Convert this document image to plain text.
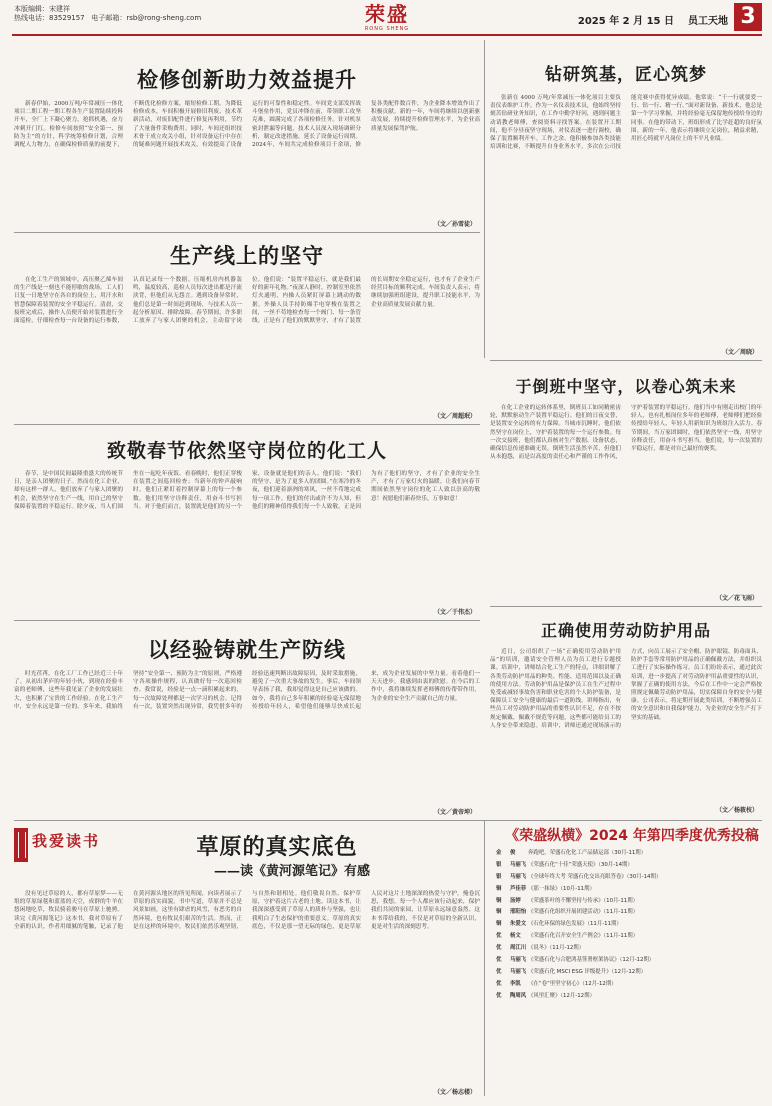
本版编辑：宋建祥
热线电话：83529157 电子邮箱：rsb@rong-sheng.com	荣盛
RONG SHENG
2025 年 2 月 15 日 员工天地 3
检修创新助力效益提升
新春伊始，2000万吨/年常减压一体化项目二期工程一期工程各生产装置陆续投料开车，全厂上下凝心聚力，抢抓机遇，奋力冲刺开门红。检修车间按照“安全第一、预防为主”的方针，科学统筹检修计划，合理调配人力物力，在确保检修质量的前提下，不断优化检修方案，缩短检修工期。为降低检修成本，车间积极开展修旧利废、技术革新活动，对废旧配件进行修复再利用，节约了大量备件采购费用。同时，车间还组织技术骨干成立攻关小组，针对设备运行中存在的疑难问题开展技术攻关，有效提高了设备运行的可靠性和稳定性。车间党支部发挥战斗堡垒作用，党员冲锋在前，带领职工攻坚克难，圆满完成了各项检修任务。针对机泵密封泄漏等问题，技术人员深入现场调研分析，制定改进措施，延长了设备运行周期。2024年，车间共完成检修项目千余项，修复各类配件数百件，为企业降本增效作出了积极贡献。新的一年，车间将继续以创新驱动发展，持续提升检修管理水平，为企业高质量发展保驾护航。
（文／孙雪徒）
钻研筑基，匠心筑梦
张新在 4000 万吨/年常减压一体化项目主要负责仪表维护工作。作为一名仪表技术员，他始终坚持刻苦钻研业务知识，在工作中勤学好问，遇到问题主动请教老师傅，查阅资料寻找答案。在装置开工期间，他不分昼夜坚守现场，对仪表逐一进行调校，确保了装置顺利开车。工作之余，他积极参加各类技能培训和比赛，不断提升自身业务水平，多次在公司技能竞赛中获得优异成绩。他常说：“干一行就要爱一行、钻一行、精一行。”面对新设备、新技术，他总是第一个学习掌握，并将经验毫无保留地传授给身边的同事。在他的带动下，班组形成了比学赶超的良好氛围。新的一年，他表示将继续立足岗位，精益求精，用匠心铸就平凡岗位上的不平凡业绩。
（文／周晓）
生产线上的坚守
在化工生产的领域中，高压聚乙烯车间的生产线是一刻也不能停歇的战场。工人们日复一日地坚守在各自的岗位上，用汗水和智慧保障着装置的安全平稳运行。清晨，交接班完成后，操作人员便开始对装置进行全面巡检，仔细检查每一台设备的运行参数，认真记录每一个数据。压缩机房内机器轰鸣，温度较高，巡检人员每次进出都是汗流浃背，但他们从无怨言。遇到设备异常时，他们总是第一时间赶到现场，与技术人员一起分析原因、排除故障。春节期间，许多职工放弃了与家人团聚的机会，主动留守岗位。他们说：“装置平稳运行，就是我们最好的新年礼物。”夜深人静时，控制室里依然灯火通明，内操人员紧盯屏幕上跳动的数据，外操人员手持防爆手电穿梭在装置之间，一丝不苟地检查每一个阀门、每一条管线。正是有了他们的默默坚守，才有了装置的长周期安全稳定运行，也才有了企业生产经营目标的顺利完成。车间负责人表示，将继续加强班组建设，提升职工技能水平，为企业高质量发展贡献力量。
（文／周超珉）
于倒班中坚守，以卷心筑未来
在化工企业的运转体系里，倒班员工如同精密齿轮，默默驱动生产装置平稳运行。他们的日夜交替，是装置安全运转的有力保障。当城市沉睡时，他们依然坚守在岗位上，守护着装置的每一个运行参数。每一次交接班，他们都认真核对生产数据、设备状态，确保信息传递准确无误。倒班生活虽然辛苦，但他们从未抱怨，而是以高度的责任心和严谨的工作作风，守护着装置的平稳运行。他们当中有刚走出校门的年轻人，也有扎根岗位多年的老师傅，老师傅们把经验传授给年轻人，年轻人用新知识为班组注入活力。春节期间，当万家团圆时，他们依然坚守一线，用坚守诠释责任，用奋斗书写担当。他们说，每一次装置的平稳运行，都是对自己最好的褒奖。
（文／花飞雨）
致敬春节依然坚守岗位的化工人
春节，是中国民间最隆重盛大的传统节日，是亲人团聚的日子。然而在化工企业，却有这样一群人，他们放弃了与家人团聚的机会，依然坚守在生产一线，用自己的坚守保障着装置的平稳运行。除夕夜，当人们围坐在一起吃年夜饭、看春晚时，他们正穿梭在装置之间巡回检查；当新年的钟声敲响时，他们正紧盯着控制屏幕上的每一个参数。他们用坚守诠释责任，用奋斗书写担当。对于他们而言，装置就是他们的另一个家，设备就是他们的亲人。他们说：“我们的坚守，是为了更多人的团圆。”在寒冷的冬夜，他们迎着凛冽的寒风，一丝不苟地完成每一项工作。他们的付出或许不为人知，但他们的精神值得我们每一个人致敬。正是因为有了他们的坚守，才有了企业的安全生产，才有了万家灯火的温暖。让我们向春节期间依然坚守岗位的化工人致以崇高的敬意！祝愿他们新春快乐，万事如意！
（文／于伟杰）
正确使用劳动防护用品
近日，公司组织了一场“正确使用劳动防护用品”的培训，邀请安全管理人员为员工进行专题授课。培训中，讲师结合化工生产的特点，详细讲解了各类劳动防护用品的种类、性能、适用范围以及正确的使用方法。劳动防护用品是保护员工在生产过程中免受或减轻事故伤害和职业危害的个人防护装备，是保障员工安全与健康的最后一道防线。讲师指出，有些员工对劳动防护用品的重要性认识不足，存在不按规定佩戴、佩戴不规范等问题，这些都可能给员工的人身安全带来隐患。培训中，讲师还通过现场演示的方式，向员工展示了安全帽、防护眼镜、防毒面具、防护手套等常用防护用品的正确佩戴方法，并组织员工进行了实际操作练习。员工们纷纷表示，通过此次培训，进一步提高了对劳动防护用品重要性的认识，掌握了正确的使用方法，今后在工作中一定会严格按照规定佩戴劳动防护用品，切实保障自身的安全与健康。公司表示，将定期开展此类培训，不断增强员工的安全意识和自我保护能力，为企业的安全生产打下坚实的基础。
（文／杨筱枝）
以经验铸就生产防线
时光荏苒，在化工厂工作已经近三十年了。从初出茅庐的年轻小伙，到现在经验丰富的老师傅，这些年我见证了企业的发展壮大，也积累了宝贵的工作经验。在化工生产中，安全永远是第一位的。多年来，我始终坚持“安全第一、预防为主”的原则，严格遵守各项操作规程，认真做好每一次巡回检查。我常说，经验是一点一滴积累起来的，每一次故障处理都是一次学习的机会。记得有一次，装置突然出现异常，我凭借多年的经验迅速判断出故障原因，及时采取措施，避免了一次重大事故的发生。事后，车间领导表扬了我，我却觉得这是自己应该做的。如今，我将自己多年积累的经验毫无保留地传授给年轻人，希望他们能够尽快成长起来，成为企业发展的中坚力量。看着他们一天天进步，我感到由衷的欣慰。在今后的工作中，我将继续发挥老师傅的传帮带作用，为企业的安全生产贡献自己的力量。
（文／黄帝坤）
我爱读书	草原的真实底色
——读《黄河源笔记》有感
没有见过草原的人，都有草原梦——无垠的草原绿毯和蓝蓝的天空，成群的牛羊在悠闲地吃草，牧民骑着骏马在草原上驰骋。读完《黄河源笔记》这本书，我对草原有了全新的认识。作者用细腻的笔触，记录了他在黄河源头地区的所见所闻，向读者展示了草原的真实面貌。书中写道，草原并不总是风景如画，这里有肆虐的风雪，有恶劣的自然环境，也有牧民们艰苦的生活。然而，正是在这样的环境中，牧民们依然乐观坚韧，与自然和谐相处。他们敬畏自然、保护草原，守护着这片古老的土地。读这本书，让我深深感受到了草原人的质朴与坚强，也让我明白了生态保护的重要意义。草原的真实底色，不仅是那一望无际的绿色，更是草原人民对这片土地深深的热爱与守护。掩卷沉思，我想，每一个人都应该行动起来，保护我们共同的家园，让草原永远绿意盎然。这本书带给我的，不仅是对草原的全新认识，更是对生活的深刻思考。
（文／杨志楼）
《荣盛纵横》2024 年第四季度优秀投稿
金	俊	奔跑吧，荣盛石化化工产品储运部（30月-11期）
银	马丽飞 《荣盛石化“十佳”荣盛天使》（30月-14期）
银	马丽飞 《全球年终大考 荣盛石化交出亮眼答卷》（30月-14期）
铜	芦佳菲 《那一抹绿》（10月-11期）
铜	汤婷	《荣盛茶叶的不懈坚持与传承》（10月-11期）
铜	邢阳怡 《荣盛石化组织开展团建活动》（11月-11期）
铜	朱爱文 《石化环保的绿色发展》（11月-11期）
优	杨文	《荣盛石化召开安全生产例会》（11月-11期）
优	周江川 《说冬》（11月-12期）
优	马丽飞 《荣盛石化与合肥鸿基签署框架协议》（12月-12期）
优	马丽飞 《荣盛石化 MSCI ESG 评级提升》（12月-12期）
优	李凯	《在“卷”里坚守初心》（12月-12期）
优	陶周风 《风里汇聚》（12月-12期）
